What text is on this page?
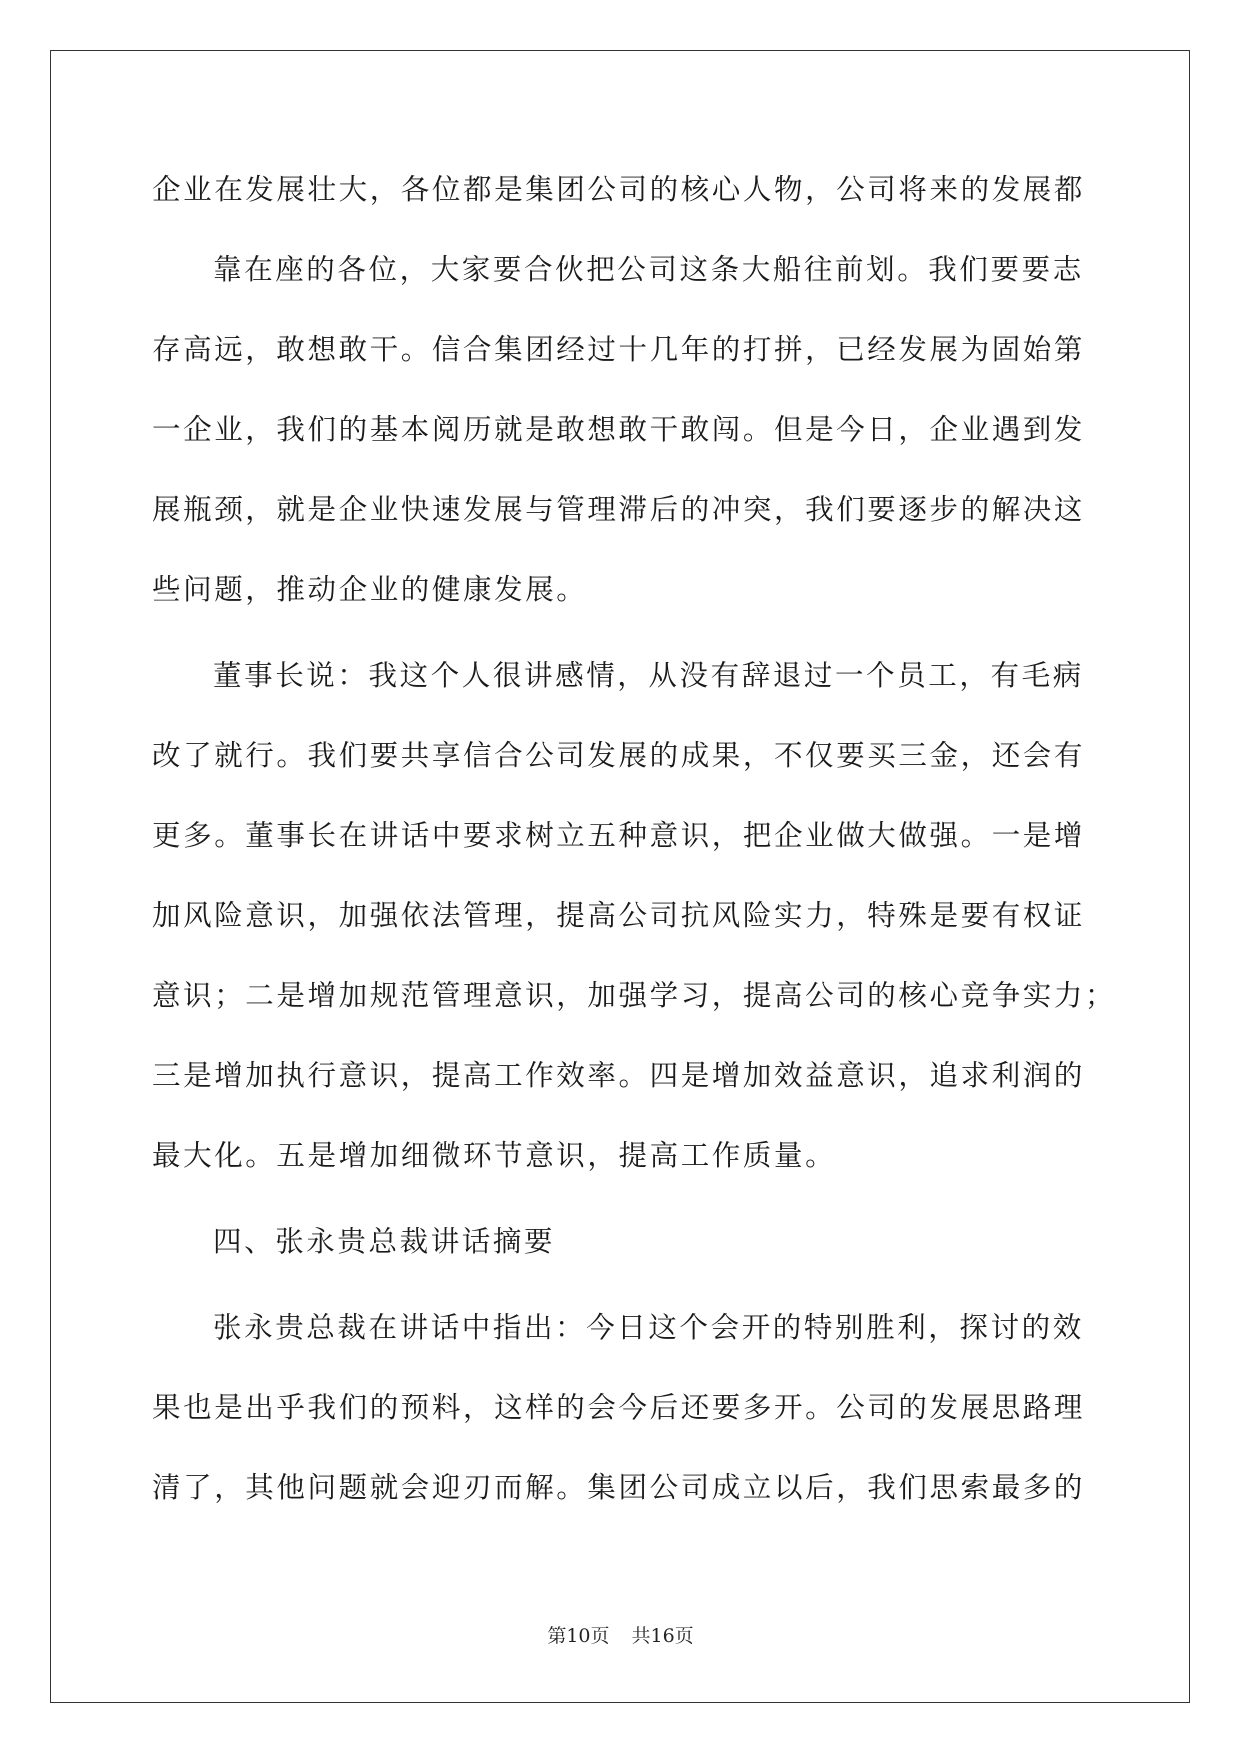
企业在发展壮大，各位都是集团公司的核心人物，公司将来的发展都
靠在座的各位，大家要合伙把公司这条大船往前划。我们要要志
存高远，敢想敢干。信合集团经过十几年的打拼，已经发展为固始第
一企业，我们的基本阅历就是敢想敢干敢闯。但是今日，企业遇到发
展瓶颈，就是企业快速发展与管理滞后的冲突，我们要逐步的解决这
些问题，推动企业的健康发展。
董事长说：我这个人很讲感情，从没有辞退过一个员工，有毛病
改了就行。我们要共享信合公司发展的成果，不仅要买三金，还会有
更多。董事长在讲话中要求树立五种意识，把企业做大做强。一是增
加风险意识，加强依法管理，提高公司抗风险实力，特殊是要有权证
意识；二是增加规范管理意识，加强学习，提高公司的核心竞争实力；
三是增加执行意识，提高工作效率。四是增加效益意识，追求利润的
最大化。五是增加细微环节意识，提高工作质量。
四、张永贵总裁讲话摘要
张永贵总裁在讲话中指出：今日这个会开的特别胜利，探讨的效
果也是出乎我们的预料，这样的会今后还要多开。公司的发展思路理
清了，其他问题就会迎刃而解。集团公司成立以后，我们思索最多的
第10页 共16页
